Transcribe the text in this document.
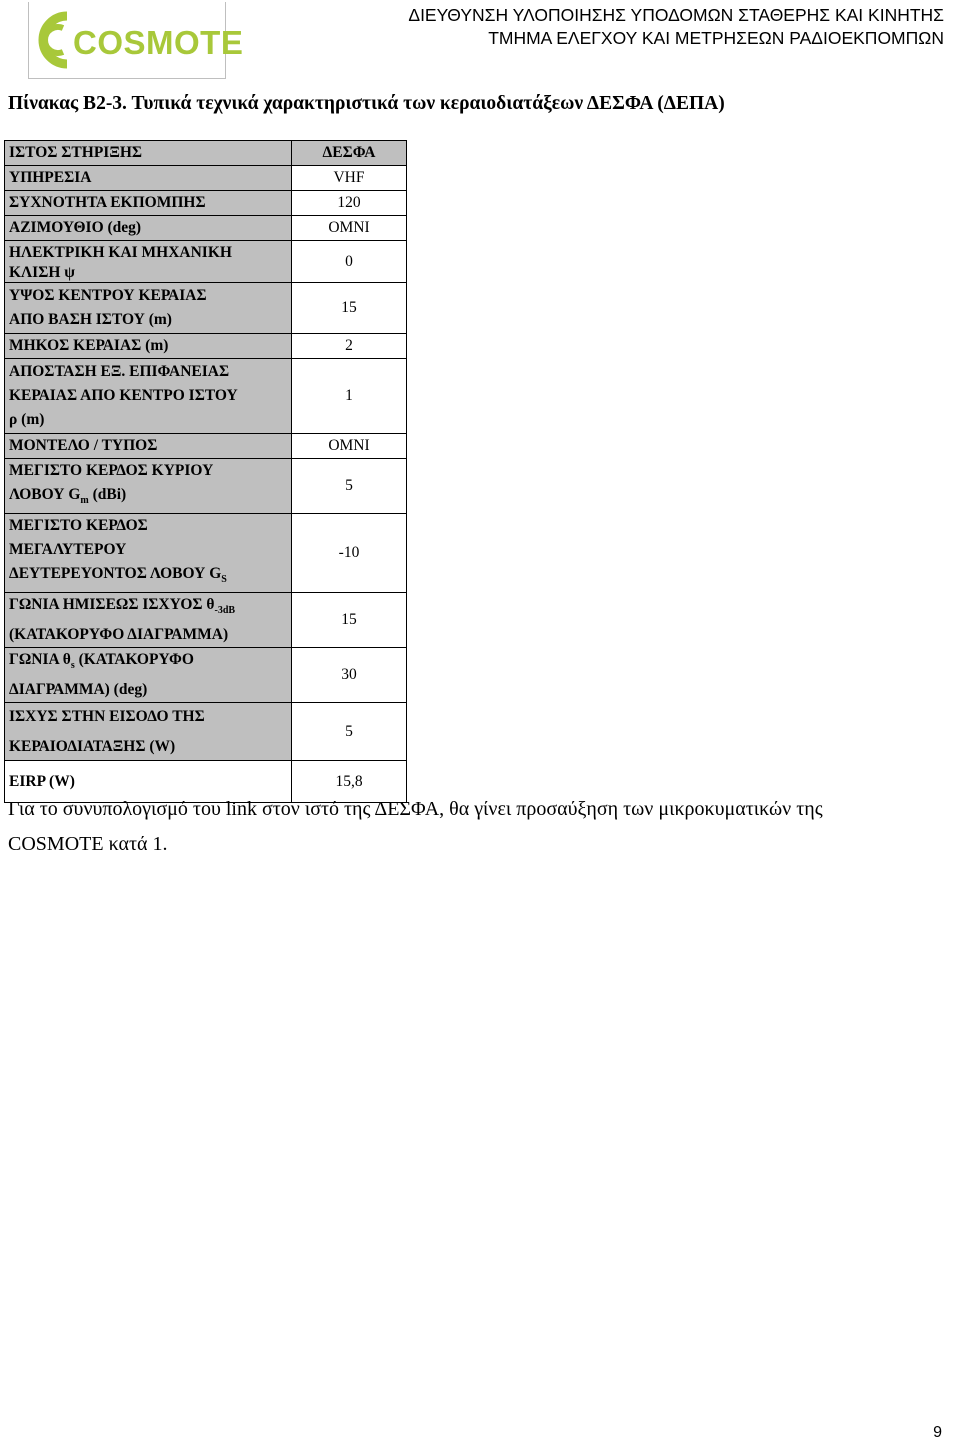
COSMOTE
ΔΙΕΥΘΥΝΣΗ ΥΛΟΠΟΙΗΣΗΣ ΥΠΟΔΟΜΩΝ ΣΤΑΘΕΡΗΣ ΚΑΙ ΚΙΝΗΤΗΣ
ΤΜΗΜΑ ΕΛΕΓΧΟΥ ΚΑΙ ΜΕΤΡΗΣΕΩΝ ΡΑΔΙΟΕΚΠΟΜΠΩΝ
Πίνακας Β2-3. Τυπικά τεχνικά χαρακτηριστικά των κεραιοδιατάξεων ΔΕΣΦΑ (ΔΕΠΑ)
ΙΣΤΟΣ ΣΤΗΡΙΞΗΣ	ΔΕΣΦΑ
ΥΠΗΡΕΣΙΑ	VHF
ΣΥΧΝΟΤΗΤΑ ΕΚΠΟΜΠΗΣ	120
ΑΖΙΜΟΥΘΙΟ (deg)	OMNI

ΗΛΕΚΤΡΙΚΗ ΚΑΙ ΜΗΧΑΝΙΚΗ
ΚΛΙΣΗ ψ	0

ΥΨΟΣ ΚΕΝΤΡΟΥ ΚΕΡΑΙΑΣ
ΑΠΟ ΒΑΣΗ ΙΣΤΟΥ (m)	15
ΜΗΚΟΣ ΚΕΡΑΙΑΣ (m)	2

ΑΠΟΣΤΑΣΗ ΕΞ. ΕΠΙΦΑΝΕΙΑΣ
ΚΕΡΑΙΑΣ ΑΠΟ ΚΕΝΤΡΟ ΙΣΤΟΥ
ρ (m)	1
ΜΟΝΤΕΛΟ / ΤΥΠΟΣ	OMNI

ΜΕΓΙΣΤΟ ΚΕΡΔΟΣ ΚΥΡΙΟΥ
ΛΟΒΟΥ $G_m$ (dBi)	5

ΜΕΓΙΣΤΟ ΚΕΡΔΟΣ
ΜΕΓΑΛΥΤΕΡΟΥ
ΔΕΥΤΕΡΕΥΟΝΤΟΣ ΛΟΒΟΥ $G_S$	-10

ΓΩΝΙΑ ΗΜΙΣΕΩΣ ΙΣΧΥΟΣ $\theta_{-3dB}$
(ΚΑΤΑΚΟΡΥΦΟ ΔΙΑΓΡΑΜΜΑ)	15

ΓΩΝΙΑ $\theta_s$ (ΚΑΤΑΚΟΡΥΦΟ
ΔΙΑΓΡΑΜΜΑ) (deg)	30

ΙΣΧΥΣ ΣΤΗΝ ΕΙΣΟΔΟ ΤΗΣ
ΚΕΡΑΙΟΔΙΑΤΑΞΗΣ (W)	5
EIRP (W)	15,8
Για το συνυπολογισμό του link στον ιστό της ΔΕΣΦΑ, θα γίνει προσαύξηση των μικροκυματικών της
COSMOTE κατά 1.
9
